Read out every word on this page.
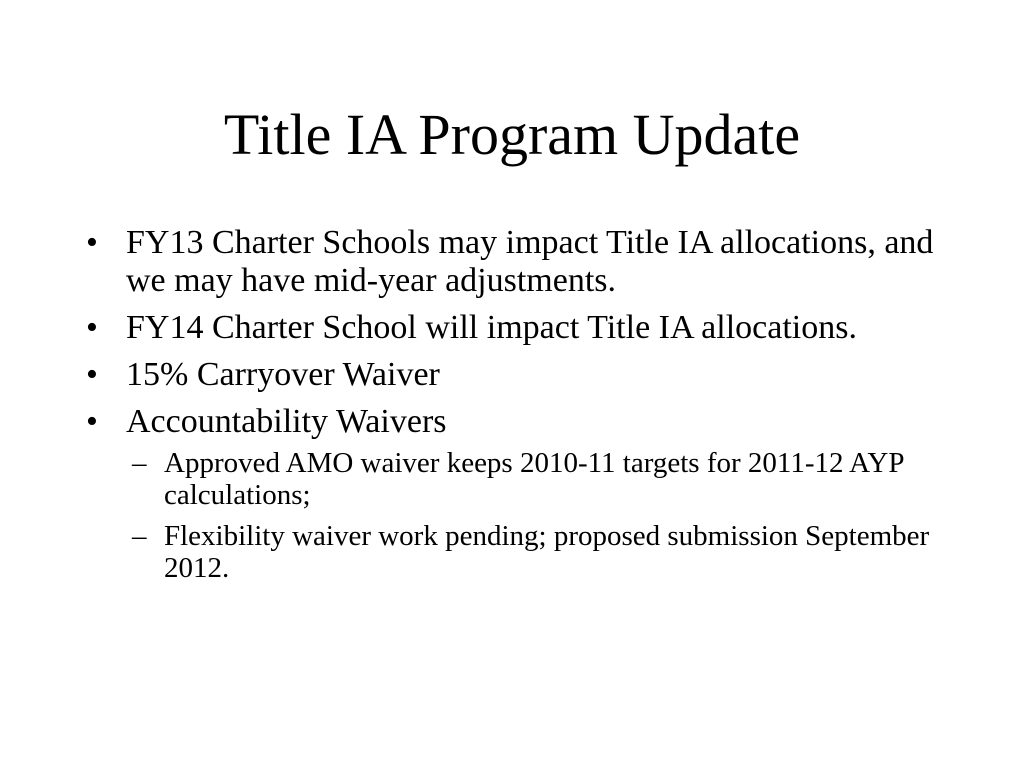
Title IA Program Update
• FY13 Charter Schools may impact Title IA allocations, and we may have mid-year adjustments.
• FY14 Charter School will impact Title IA allocations.
• 15% Carryover Waiver
• Accountability Waivers
– Approved AMO waiver keeps 2010-11 targets for 2011-12 AYP calculations;
– Flexibility waiver work pending; proposed submission September 2012.
